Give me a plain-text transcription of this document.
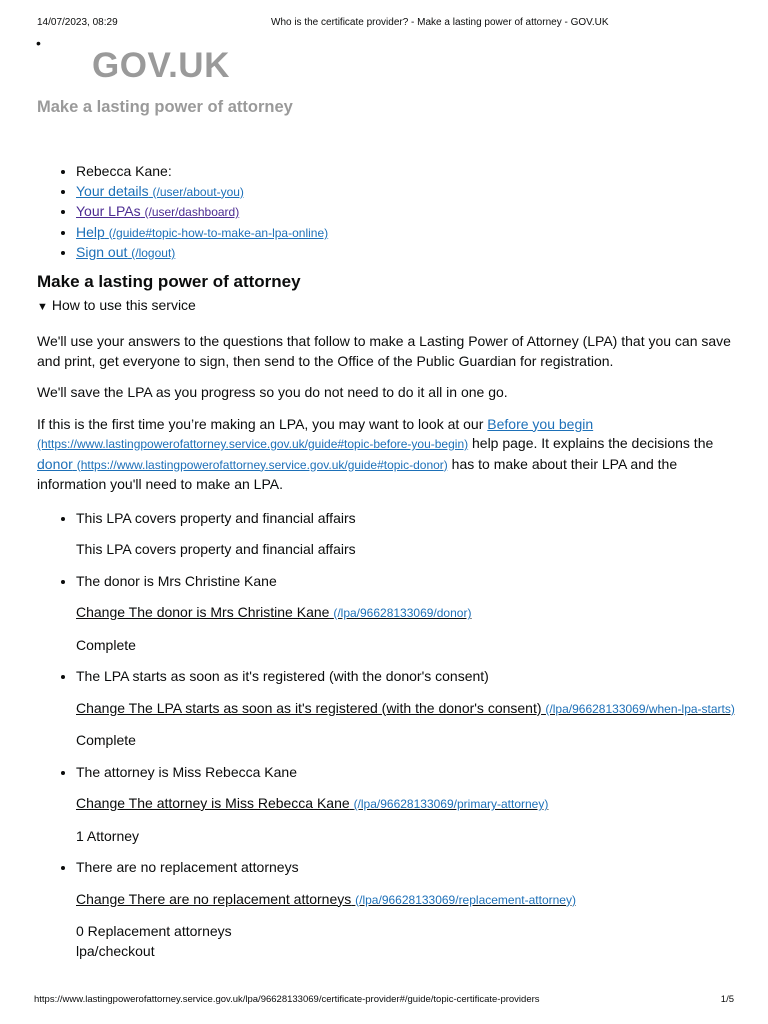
14/07/2023, 08:29	Who is the certificate provider? - Make a lasting power of attorney - GOV.UK
•
GOV.UK
Make a lasting power of attorney
• Rebecca Kane:
• Your details (/user/about-you)
• Your LPAs (/user/dashboard)
• Help (/guide#topic-how-to-make-an-lpa-online)
• Sign out (/logout)
Make a lasting power of attorney
▼ How to use this service

We'll use your answers to the questions that follow to make a Lasting Power of Attorney (LPA) that you can save and print, get everyone to sign, then send to the Office of the Public Guardian for registration.

We'll save the LPA as you progress so you do not need to do it all in one go.

If this is the first time you’re making an LPA, you may want to look at our Before you begin (https://www.lastingpowerofattorney.service.gov.uk/guide#topic-before-you-begin) help page. It explains the decisions the donor (https://www.lastingpowerofattorney.service.gov.uk/guide#topic-donor) has to make about their LPA and the information you'll need to make an LPA.

• This LPA covers property and financial affairs
This LPA covers property and financial affairs
• The donor is Mrs Christine Kane
Change The donor is Mrs Christine Kane (/lpa/96628133069/donor)
Complete
• The LPA starts as soon as it's registered (with the donor's consent)
Change The LPA starts as soon as it's registered (with the donor's consent) (/lpa/96628133069/when-lpa-starts)
Complete
• The attorney is Miss Rebecca Kane
Change The attorney is Miss Rebecca Kane (/lpa/96628133069/primary-attorney)
1 Attorney
• There are no replacement attorneys
Change There are no replacement attorneys (/lpa/96628133069/replacement-attorney)
0 Replacement attorneys
lpa/checkout
https://www.lastingpowerofattorney.service.gov.uk/lpa/96628133069/certificate-provider#/guide/topic-certificate-providers	1/5
